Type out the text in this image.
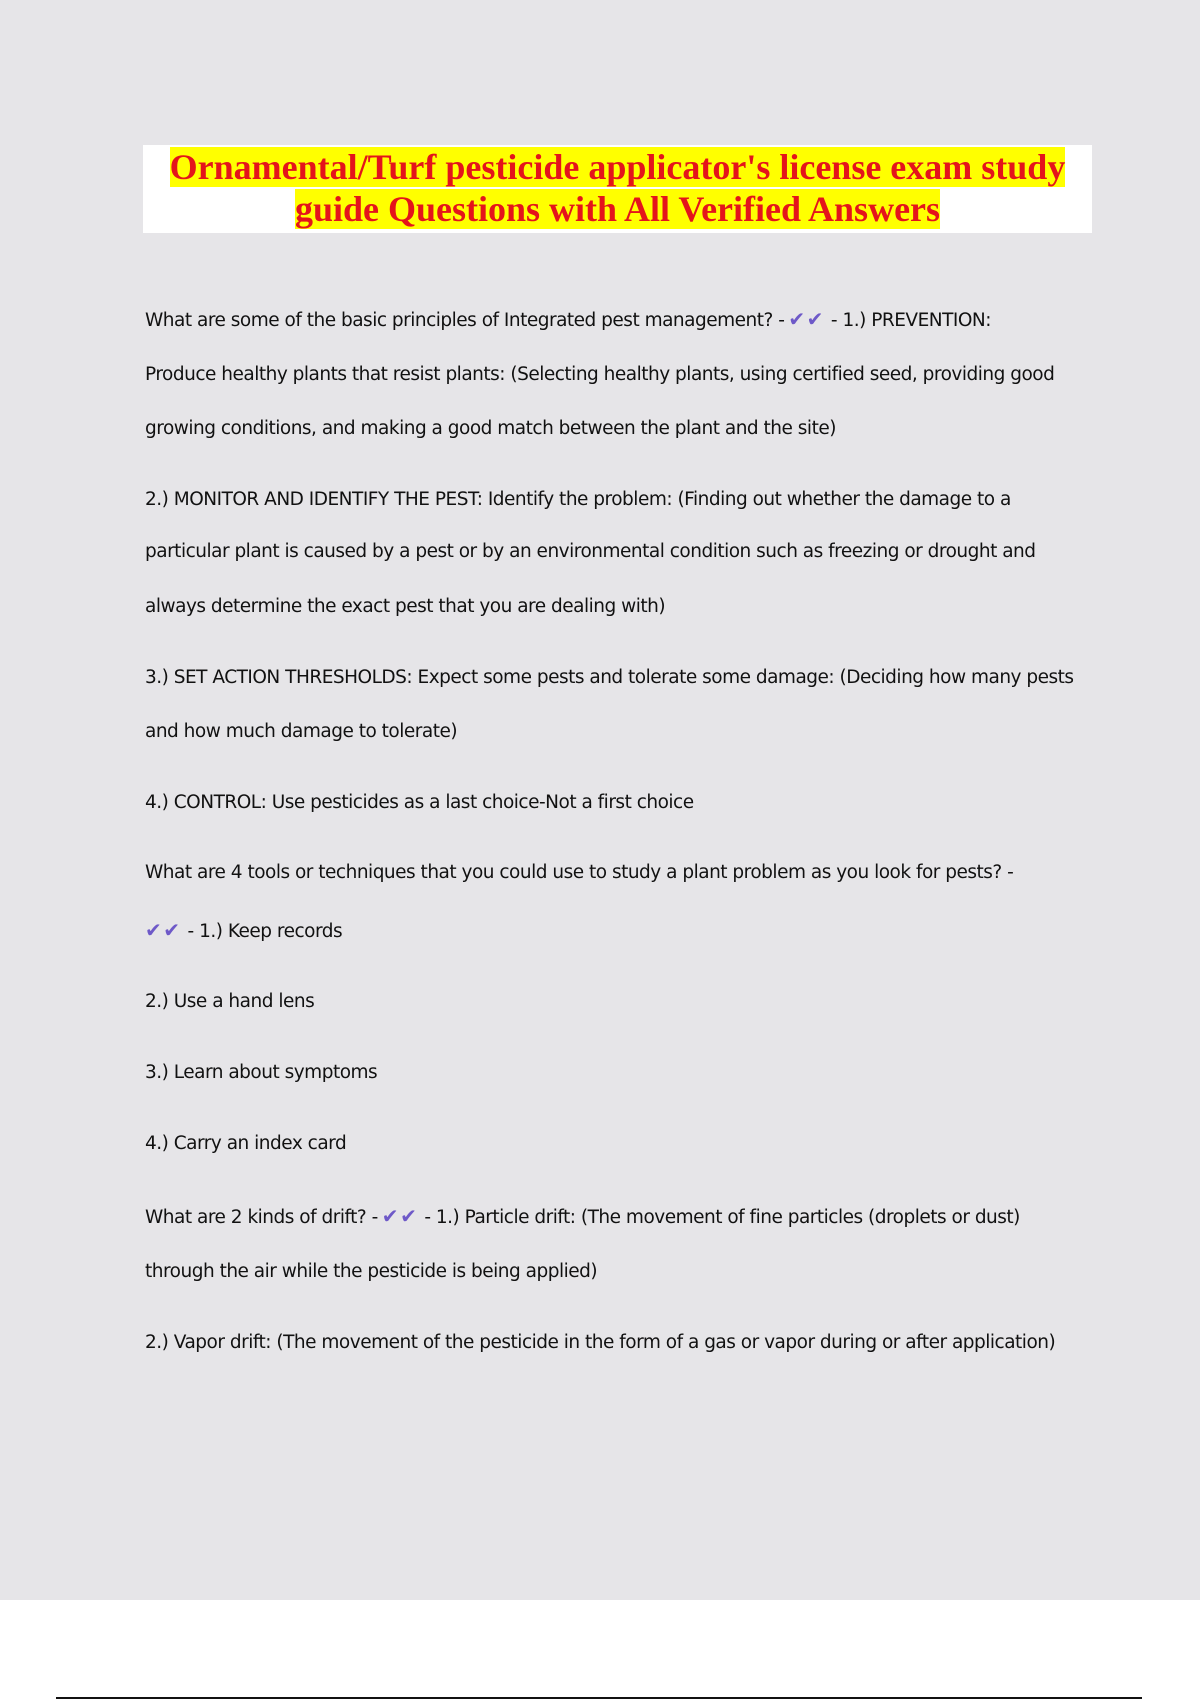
Ornamental/Turf pesticide applicator's license exam study
guide Questions with All Verified Answers
What are some of the basic principles of Integrated pest management? - ✔ ✔ - 1.) PREVENTION:
Produce healthy plants that resist plants: (Selecting healthy plants, using certified seed, providing good
growing conditions, and making a good match between the plant and the site)
2.) MONITOR AND IDENTIFY THE PEST: Identify the problem: (Finding out whether the damage to a
particular plant is caused by a pest or by an environmental condition such as freezing or drought and
always determine the exact pest that you are dealing with)
3.) SET ACTION THRESHOLDS: Expect some pests and tolerate some damage: (Deciding how many pests
and how much damage to tolerate)
4.) CONTROL: Use pesticides as a last choice-Not a first choice
What are 4 tools or techniques that you could use to study a plant problem as you look for pests? -
✔ ✔ - 1.) Keep records
2.) Use a hand lens
3.) Learn about symptoms
4.) Carry an index card
What are 2 kinds of drift? - ✔ ✔ - 1.) Particle drift: (The movement of fine particles (droplets or dust)
through the air while the pesticide is being applied)
2.) Vapor drift: (The movement of the pesticide in the form of a gas or vapor during or after application)
